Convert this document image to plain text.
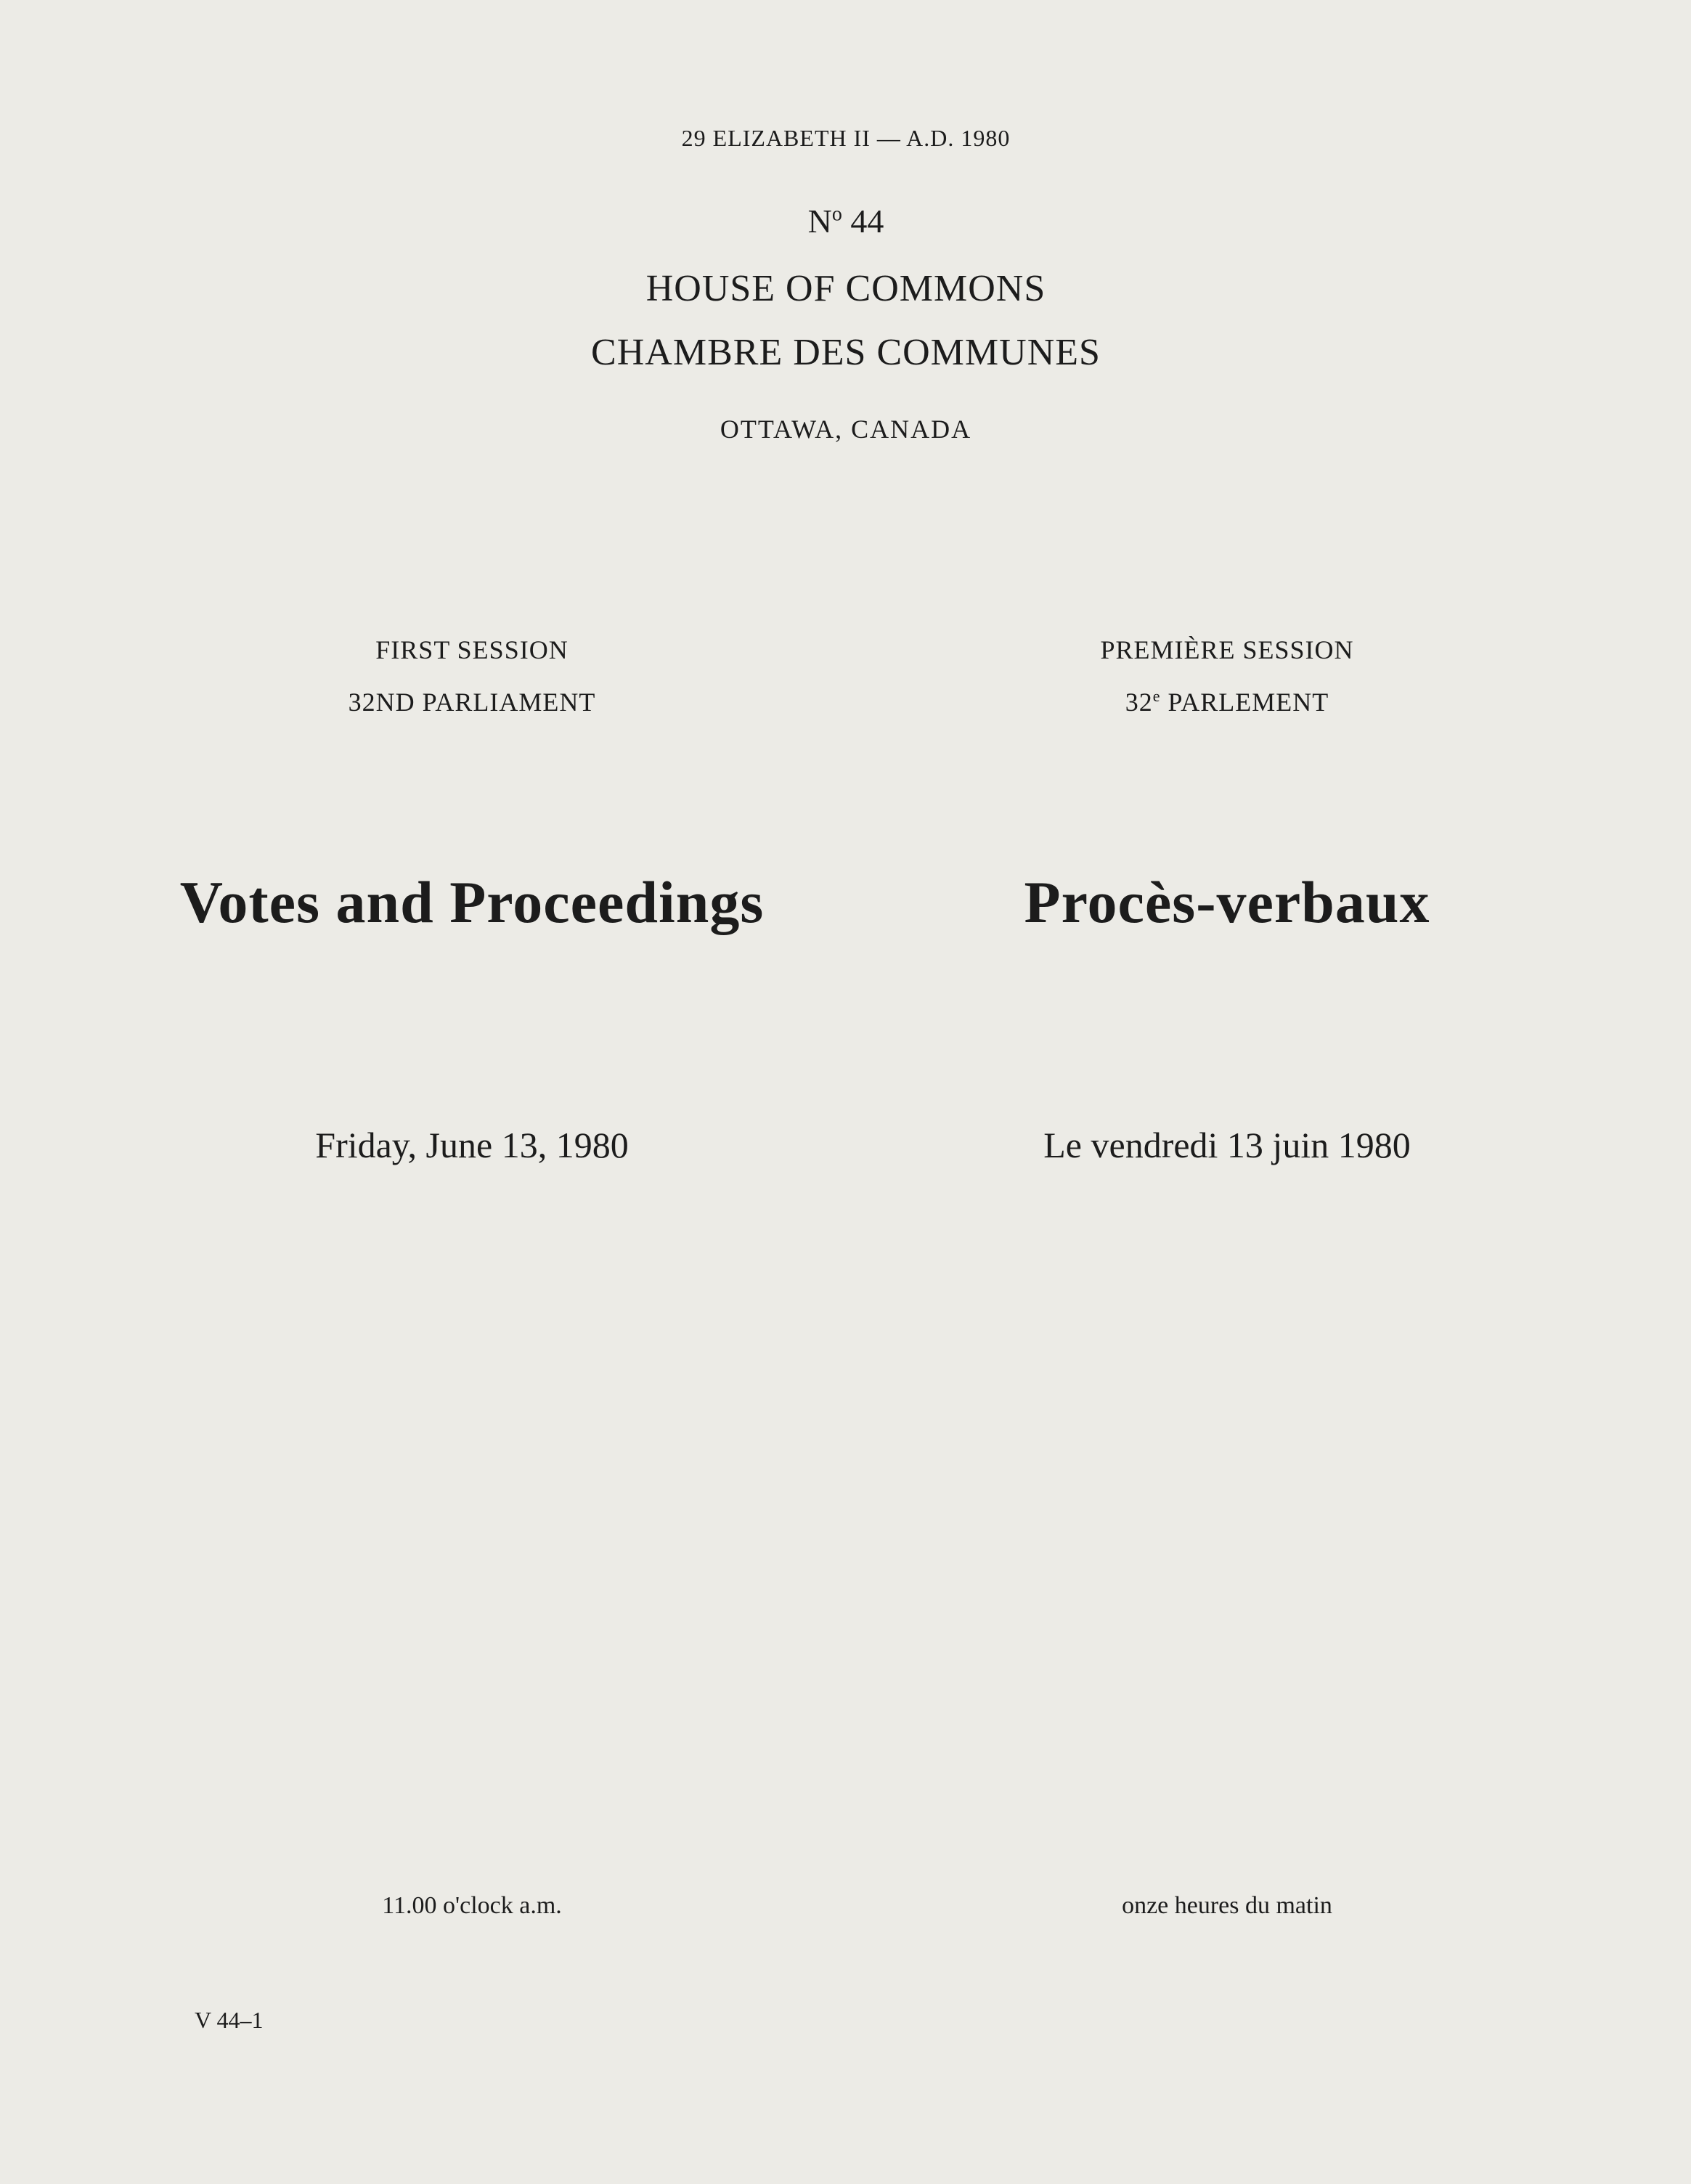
29 ELIZABETH II — A.D. 1980
$N^o$ 44
HOUSE OF COMMONS
CHAMBRE DES COMMUNES
OTTAWA, CANADA
FIRST SESSION	PREMIÈRE SESSION
32ND PARLIAMENT	32e PARLEMENT
Votes and Proceedings	Procès-verbaux
Friday, June 13, 1980	Le vendredi 13 juin 1980
11.00 o'clock a.m.	onze heures du matin
V 44–1
